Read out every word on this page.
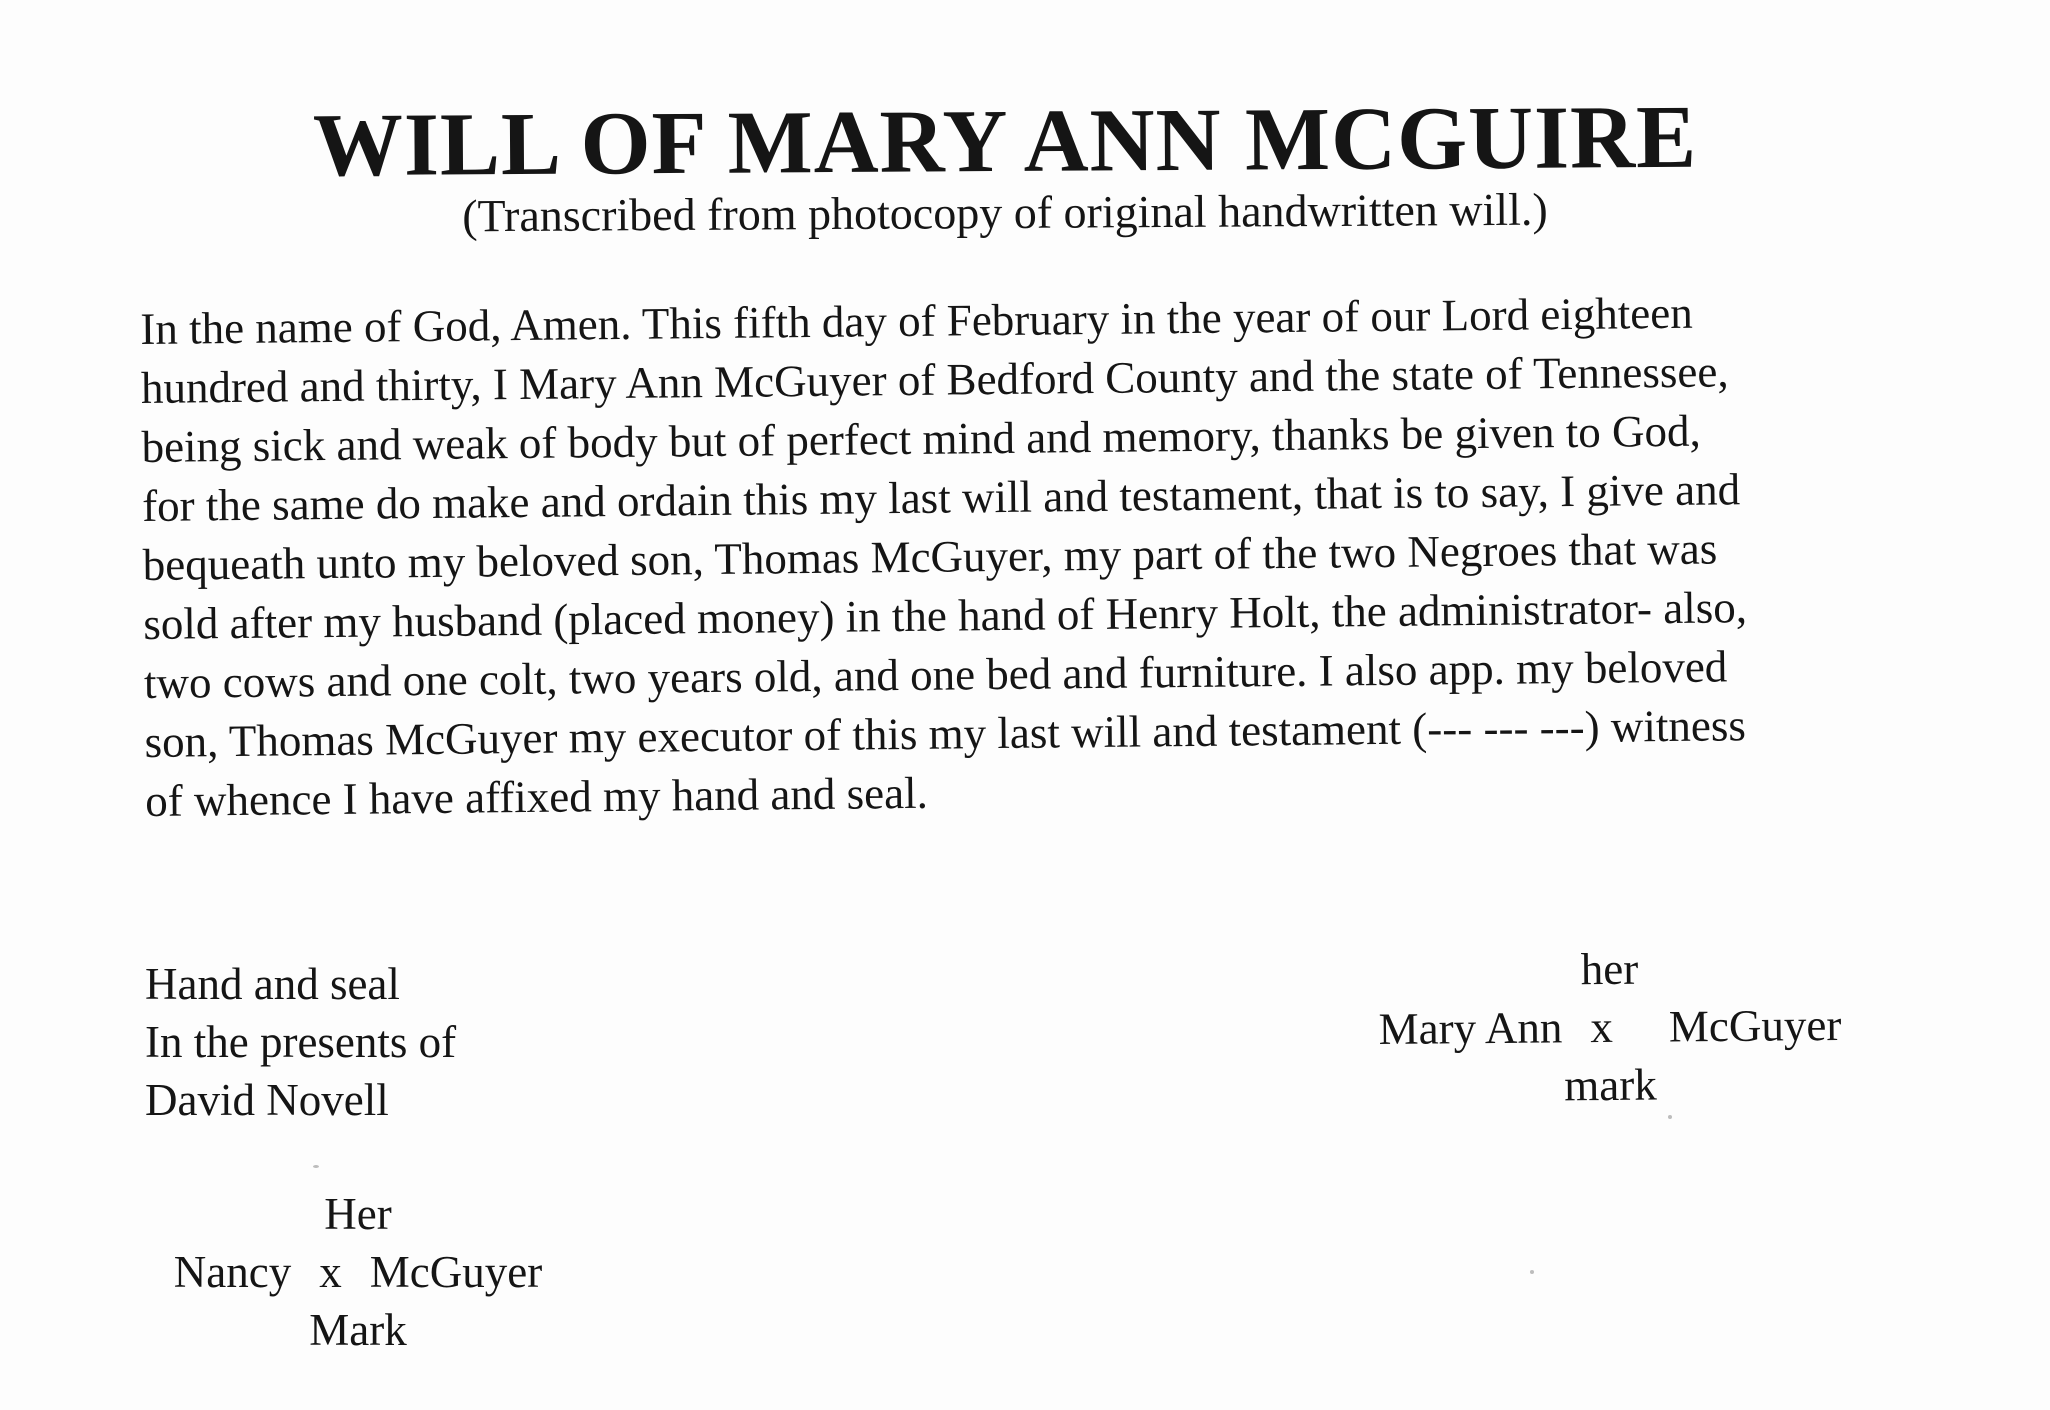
WILL OF MARY ANN MCGUIRE
(Transcribed from photocopy of original handwritten will.)
In the name of God, Amen. This fifth day of February in the year of our Lord eighteen
hundred and thirty, I Mary Ann McGuyer of Bedford County and the state of Tennessee,
being sick and weak of body but of perfect mind and memory, thanks be given to God,
for the same do make and ordain this my last will and testament, that is to say, I give and
bequeath unto my beloved son, Thomas McGuyer, my part of the two Negroes that was
sold after my husband (placed money) in the hand of Henry Holt, the administrator- also,
two cows and one colt, two years old, and one bed and furniture. I also app. my beloved
son, Thomas McGuyer my executor of this my last will and testament (--- --- ---) witness
of whence I have affixed my hand and seal.
Hand and seal
In the presents of
David Novell
her
Mary Ann x McGuyer
mark
Her
Nancy x McGuyer
Mark
